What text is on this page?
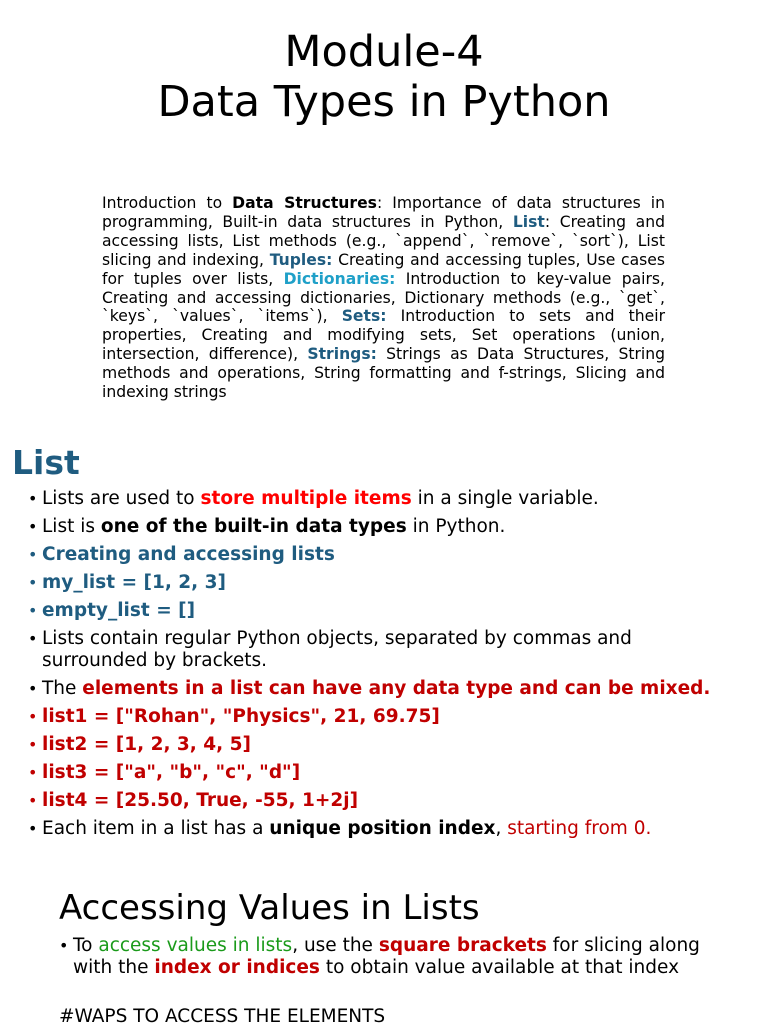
Module-4
Data Types in Python

Introduction to Data Structures: Importance of data structures in programming, Built-in data structures in Python, List: Creating and accessing lists, List methods (e.g., `append`, `remove`, `sort`), List slicing and indexing, Tuples: Creating and accessing tuples, Use cases for tuples over lists, Dictionaries: Introduction to key-value pairs, Creating and accessing dictionaries, Dictionary methods (e.g., `get`, `keys`, `values`, `items`), Sets: Introduction to sets and their properties, Creating and modifying sets, Set operations (union, intersection, difference), Strings: Strings as Data Structures, String methods and operations, String formatting and f-strings, Slicing and indexing strings

List
• Lists are used to store multiple items in a single variable.
• List is one of the built-in data types in Python.
• Creating and accessing lists
• my_list = [1, 2, 3]
• empty_list = []
• Lists contain regular Python objects, separated by commas and surrounded by brackets.
• The elements in a list can have any data type and can be mixed.
• list1 = ["Rohan", "Physics", 21, 69.75]
• list2 = [1, 2, 3, 4, 5]
• list3 = ["a", "b", "c", "d"]
• list4 = [25.50, True, -55, 1+2j]
• Each item in a list has a unique position index, starting from 0.
Accessing Values in Lists
• To access values in lists, use the square brackets for slicing along with the index or indices to obtain value available at that index

#WAPS TO ACCESS THE ELEMENTS
